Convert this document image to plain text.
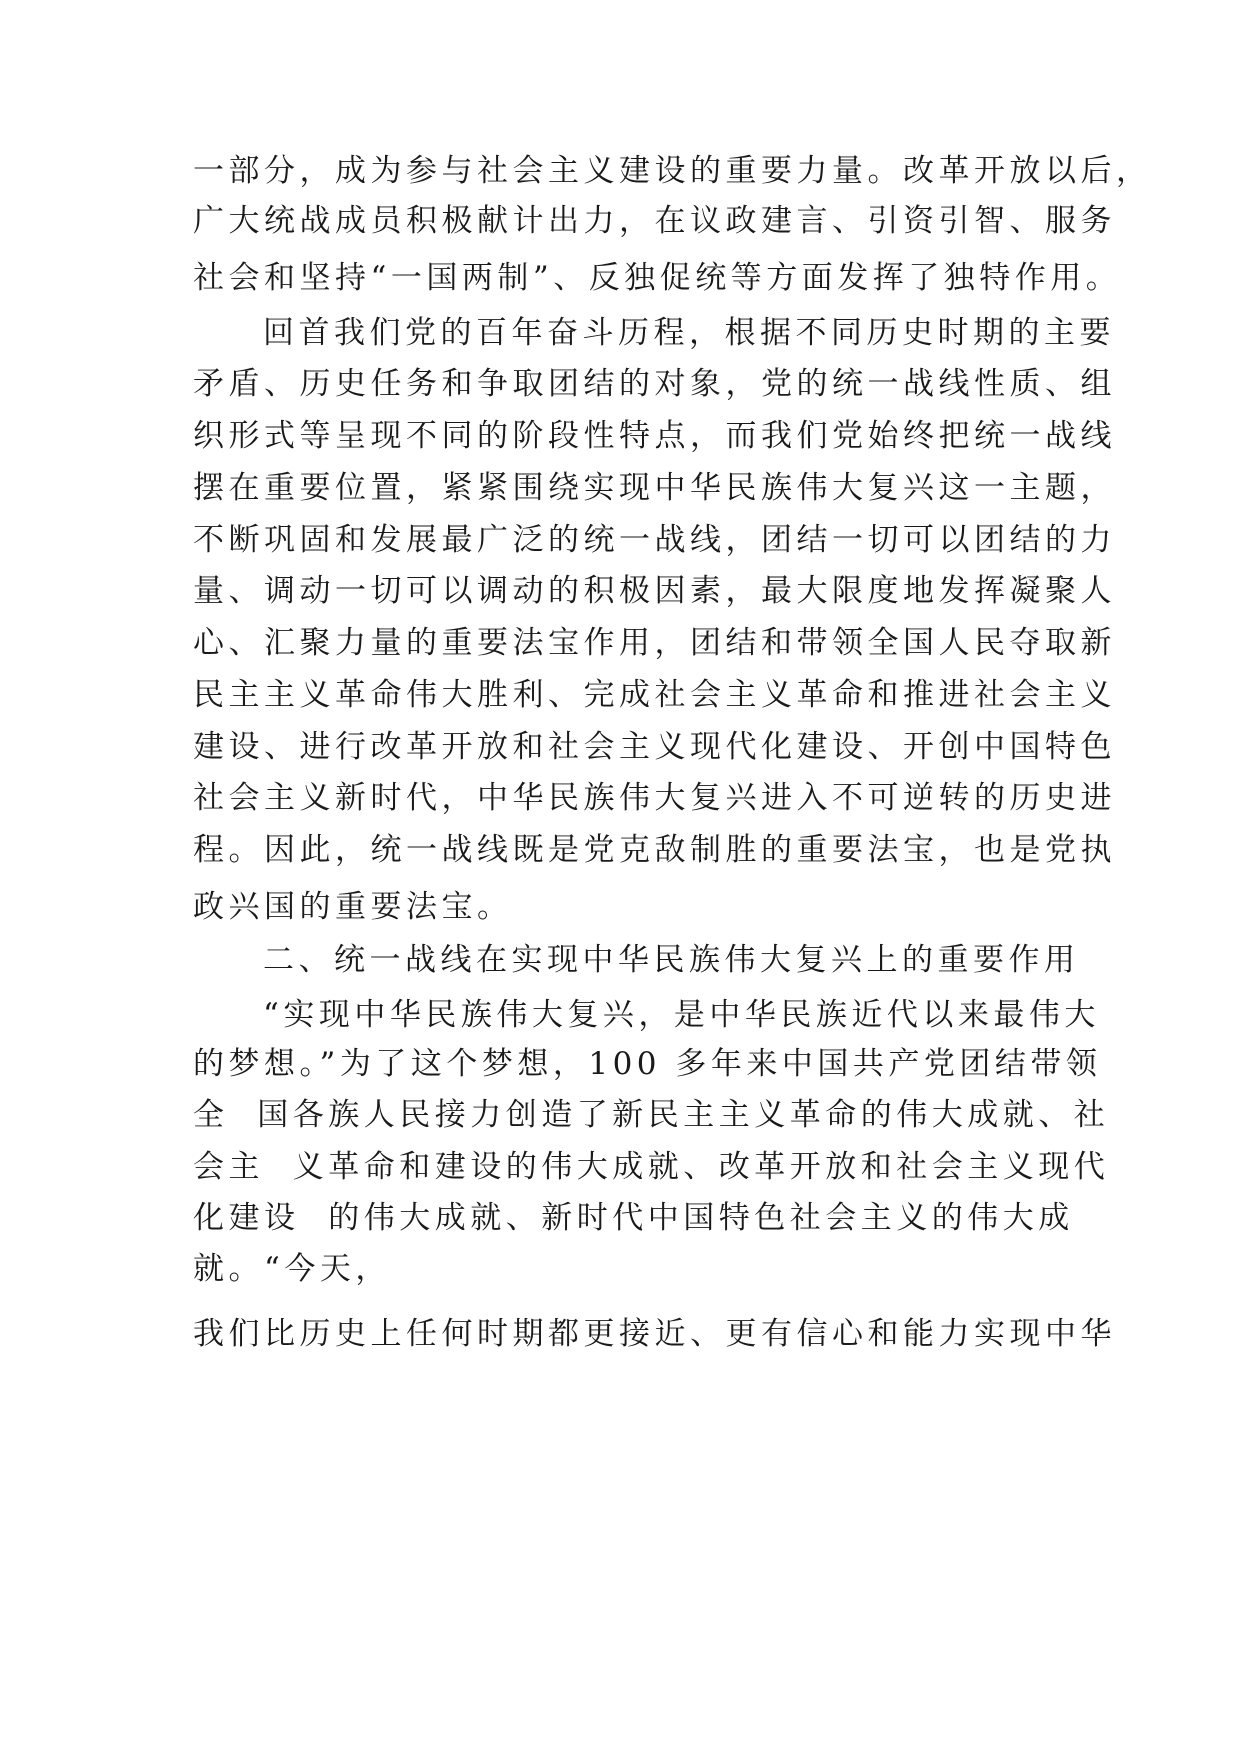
一部分，成为参与社会主义建设的重要力量。改革开放以后，
广大统战成员积极献计出力，在议政建言、引资引智、服务
社会和坚持“一国两制”、反独促统等方面发挥了独特作用。
回首我们党的百年奋斗历程，根据不同历史时期的主要
矛盾、历史任务和争取团结的对象，党的统一战线性质、组
织形式等呈现不同的阶段性特点，而我们党始终把统一战线
摆在重要位置，紧紧围绕实现中华民族伟大复兴这一主题，
不断巩固和发展最广泛的统一战线，团结一切可以团结的力
量、调动一切可以调动的积极因素，最大限度地发挥凝聚人
心、汇聚力量的重要法宝作用，团结和带领全国人民夺取新
民主主义革命伟大胜利、完成社会主义革命和推进社会主义
建设、进行改革开放和社会主义现代化建设、开创中国特色
社会主义新时代，中华民族伟大复兴进入不可逆转的历史进
程。因此，统一战线既是党克敌制胜的重要法宝，也是党执
政兴国的重要法宝。
二、统一战线在实现中华民族伟大复兴上的重要作用
“实现中华民族伟大复兴，是中华民族近代以来最伟大
的梦想。”为了这个梦想，100 多年来中国共产党团结带领
全  国各族人民接力创造了新民主主义革命的伟大成就、社
会主  义革命和建设的伟大成就、改革开放和社会主义现代
化建设  的伟大成就、新时代中国特色社会主义的伟大成
就。“今天，
我们比历史上任何时期都更接近、更有信心和能力实现中华
